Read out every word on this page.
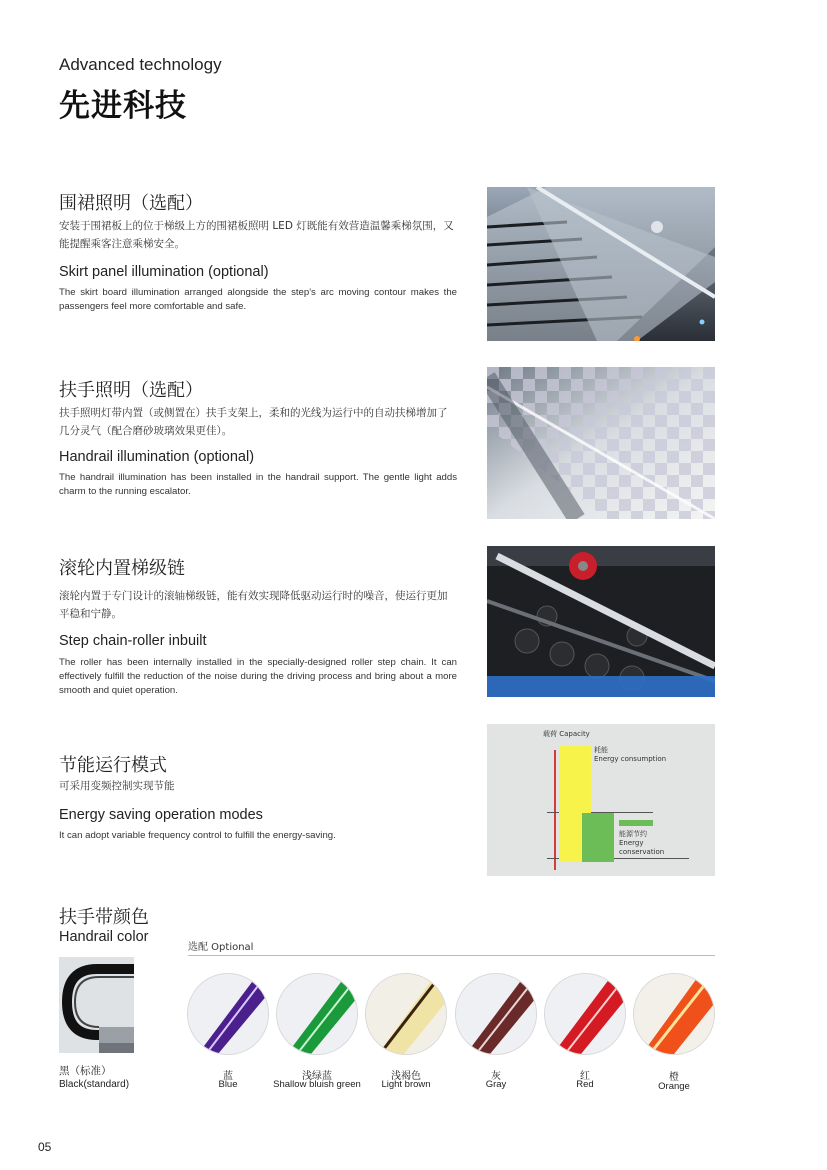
Advanced technology
先进科技
围裙照明（选配）
安装于围裙板上的位于梯级上方的围裙板照明 LED 灯既能有效营造温馨乘梯氛围，又能提醒乘客注意乘梯安全。
Skirt panel illumination (optional)
The skirt board illumination arranged alongside the step's arc moving contour makes the passengers feel more comfortable and safe.
扶手照明（选配）
扶手照明灯带内置（或侧置在）扶手支架上，柔和的光线为运行中的自动扶梯增加了几分灵气（配合磨砂玻璃效果更佳）。
Handrail illumination (optional)
The handrail illumination has been installed in the handrail support. The gentle light adds charm to the running escalator.
滚轮内置梯级链
滚轮内置于专门设计的滚轴梯级链，能有效实现降低驱动运行时的噪音，使运行更加平稳和宁静。
Step chain-roller inbuilt
The roller has been internally installed in the specially-designed roller step chain. It can effectively fulfill the reduction of the noise during the driving process and bring about a more smooth and quiet operation.
节能运行模式
可采用变频控制实现节能
Energy saving operation modes
It can adopt variable frequency control to fulfill the energy-saving.
载荷 Capacity
耗能
Energy consumption
能源节约
Energy
conservation
扶手带颜色
Handrail color
选配 Optional
黑（标准）
Black(standard)
蓝
Blue
浅绿蓝
Shallow bluish green
浅褐色
Light brown
灰
Gray
红
Red
橙
Orange
05
